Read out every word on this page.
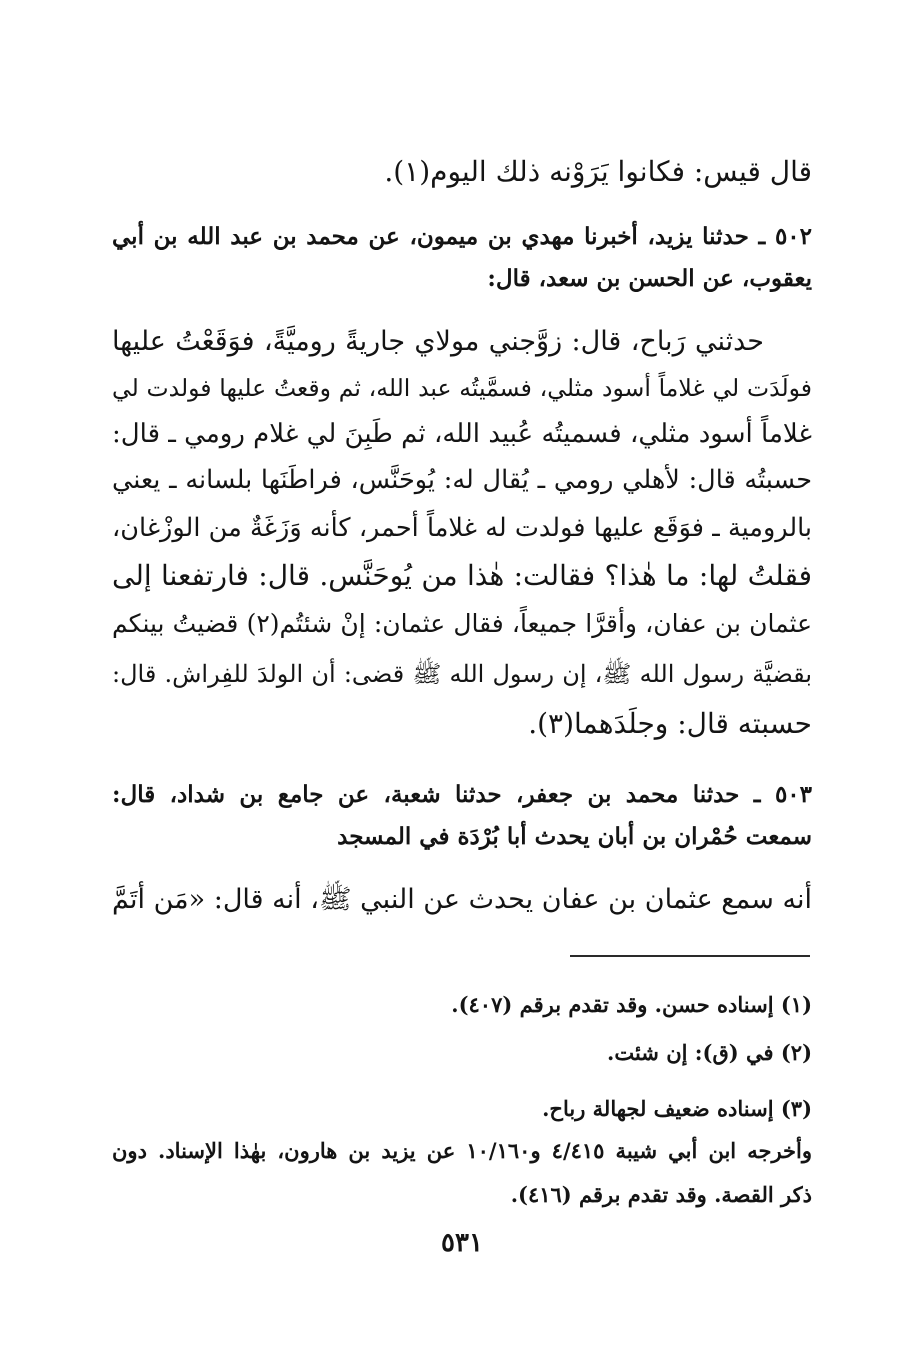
قال قيس: فكانوا يَرَوْنه ذلك اليوم(١).
٥٠٢ ـ حدثنا يزيد، أخبرنا مهدي بن ميمون، عن محمد بن عبد الله بن أبي
يعقوب، عن الحسن بن سعد، قال:
حدثني رَباح، قال: زوَّجني مولاي جاريةً روميَّةً، فوَقَعْتُ عليها
فولَدَت لي غلاماً أسود مثلي، فسمَّيتُه عبد الله، ثم وقعتُ عليها فولدت لي
غلاماً أسود مثلي، فسميتُه عُبيد الله، ثم طَبِنَ لي غلام رومي ـ قال:
حسبتُه قال: لأهلي رومي ـ يُقال له: يُوحَنَّس، فراطَنَها بلسانه ـ يعني
بالرومية ـ فوَقَع عليها فولدت له غلاماً أحمر، كأنه وَزَغَةٌ من الوزْغان،
فقلتُ لها: ما هٰذا؟ فقالت: هٰذا من يُوحَنَّس. قال: فارتفعنا إلى
عثمان بن عفان، وأقرَّا جميعاً، فقال عثمان: إنْ شئتُم(٢) قضيتُ بينكم
بقضيَّة رسول الله ﷺ، إن رسول الله ﷺ قضى: أن الولدَ للفِراش. قال:
حسبته قال: وجلَدَهما(٣).
٥٠٣ ـ حدثنا محمد بن جعفر، حدثنا شعبة، عن جامع بن شداد، قال:
سمعت حُمْران بن أبان يحدث أبا بُرْدَة في المسجد
أنه سمع عثمان بن عفان يحدث عن النبي ﷺ، أنه قال: «مَن أتَمَّ
(١) إسناده حسن. وقد تقدم برقم (٤٠٧).
(٢) في (ق): إن شئت.
(٣) إسناده ضعيف لجهالة رباح.
وأخرجه ابن أبي شيبة ٤/٤١٥ و١٠/١٦٠ عن يزيد بن هارون، بهٰذا الإسناد. دون
ذكر القصة. وقد تقدم برقم (٤١٦).
٥٣١
